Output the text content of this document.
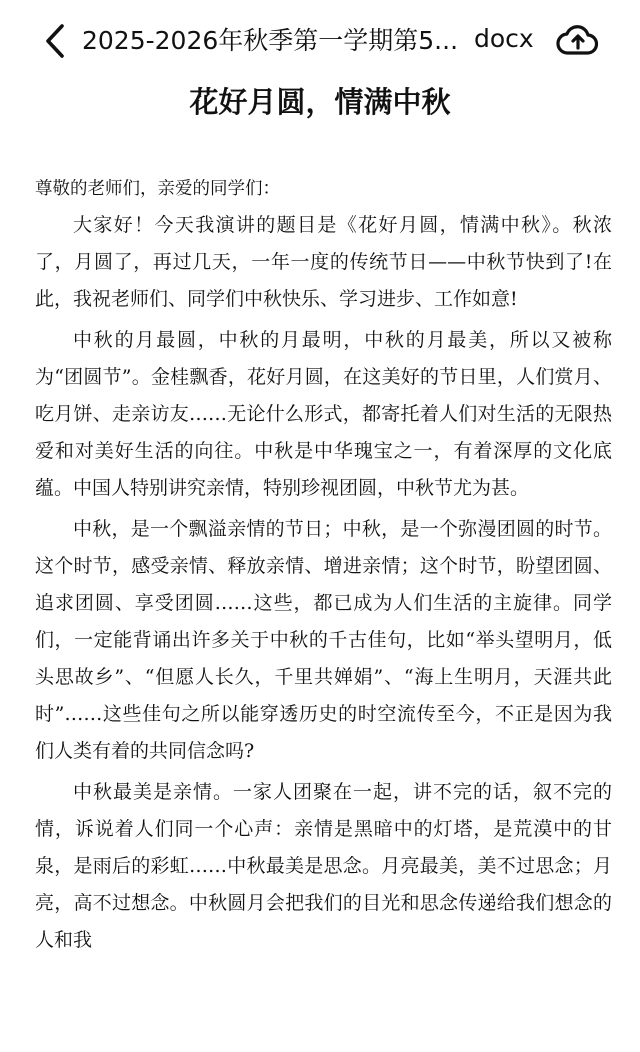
2025-2026年秋季第一学期第5... docx
花好月圆，情满中秋

尊敬的老师们，亲爱的同学们：

大家好！今天我演讲的题目是《花好月圆，情满中秋》。秋浓了，月圆了，再过几天，一年一度的传统节日——中秋节快到了!在此，我祝老师们、同学们中秋快乐、学习进步、工作如意!

中秋的月最圆，中秋的月最明，中秋的月最美，所以又被称为“团圆节”。金桂飘香，花好月圆，在这美好的节日里，人们赏月、吃月饼、走亲访友……无论什么形式，都寄托着人们对生活的无限热爱和对美好生活的向往。中秋是中华瑰宝之一，有着深厚的文化底蕴。中国人特别讲究亲情，特别珍视团圆，中秋节尤为甚。

中秋，是一个飘溢亲情的节日；中秋，是一个弥漫团圆的时节。这个时节，感受亲情、释放亲情、增进亲情；这个时节，盼望团圆、追求团圆、享受团圆……这些，都已成为人们生活的主旋律。同学们，一定能背诵出许多关于中秋的千古佳句，比如“举头望明月，低头思故乡”、“但愿人长久，千里共婵娟”、“海上生明月，天涯共此时”……这些佳句之所以能穿透历史的时空流传至今，不正是因为我们人类有着的共同信念吗?

中秋最美是亲情。一家人团聚在一起，讲不完的话，叙不完的情，诉说着人们同一个心声：亲情是黑暗中的灯塔，是荒漠中的甘泉，是雨后的彩虹……中秋最美是思念。月亮最美，美不过思念；月亮，高不过想念。中秋圆月会把我们的目光和思念传递给我们想念的人和我
